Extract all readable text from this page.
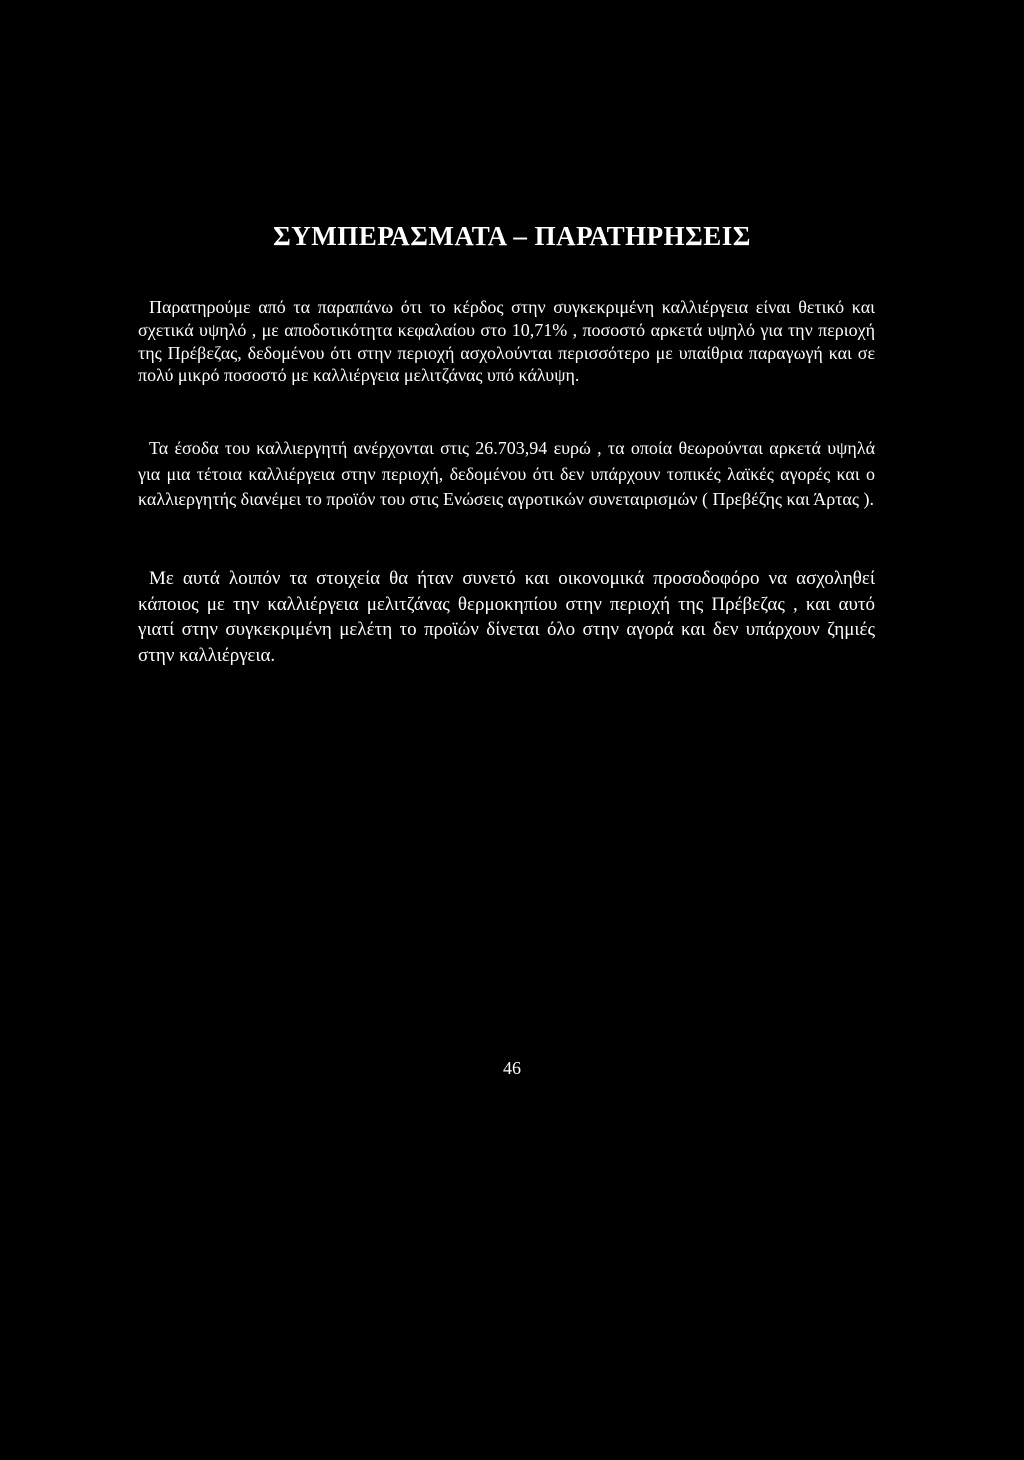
ΣΥΜΠΕΡΑΣΜΑΤΑ – ΠΑΡΑΤΗΡΗΣΕΙΣ

Παρατηρούμε από τα παραπάνω ότι το κέρδος στην συγκεκριμένη καλλιέργεια είναι θετικό και σχετικά υψηλό , με αποδοτικότητα κεφαλαίου στο 10,71% , ποσοστό αρκετά υψηλό για την περιοχή της Πρέβεζας, δεδομένου ότι στην περιοχή ασχολούνται περισσότερο με υπαίθρια παραγωγή και σε πολύ μικρό ποσοστό με καλλιέργεια μελιτζάνας υπό κάλυψη.

Τα έσοδα του καλλιεργητή ανέρχονται στις 26.703,94 ευρώ , τα οποία θεωρούνται αρκετά υψηλά για μια τέτοια καλλιέργεια στην περιοχή, δεδομένου ότι δεν υπάρχουν τοπικές λαϊκές αγορές και ο καλλιεργητής διανέμει το προϊόν του στις Ενώσεις αγροτικών συνεταιρισμών ( Πρεβέζης και Άρτας ).

Με αυτά λοιπόν τα στοιχεία θα ήταν συνετό και οικονομικά προσοδοφόρο να ασχοληθεί κάποιος με την καλλιέργεια μελιτζάνας θερμοκηπίου στην περιοχή της Πρέβεζας , και αυτό γιατί στην συγκεκριμένη μελέτη το προϊών δίνεται όλο στην αγορά και δεν υπάρχουν ζημιές στην καλλιέργεια.

46
